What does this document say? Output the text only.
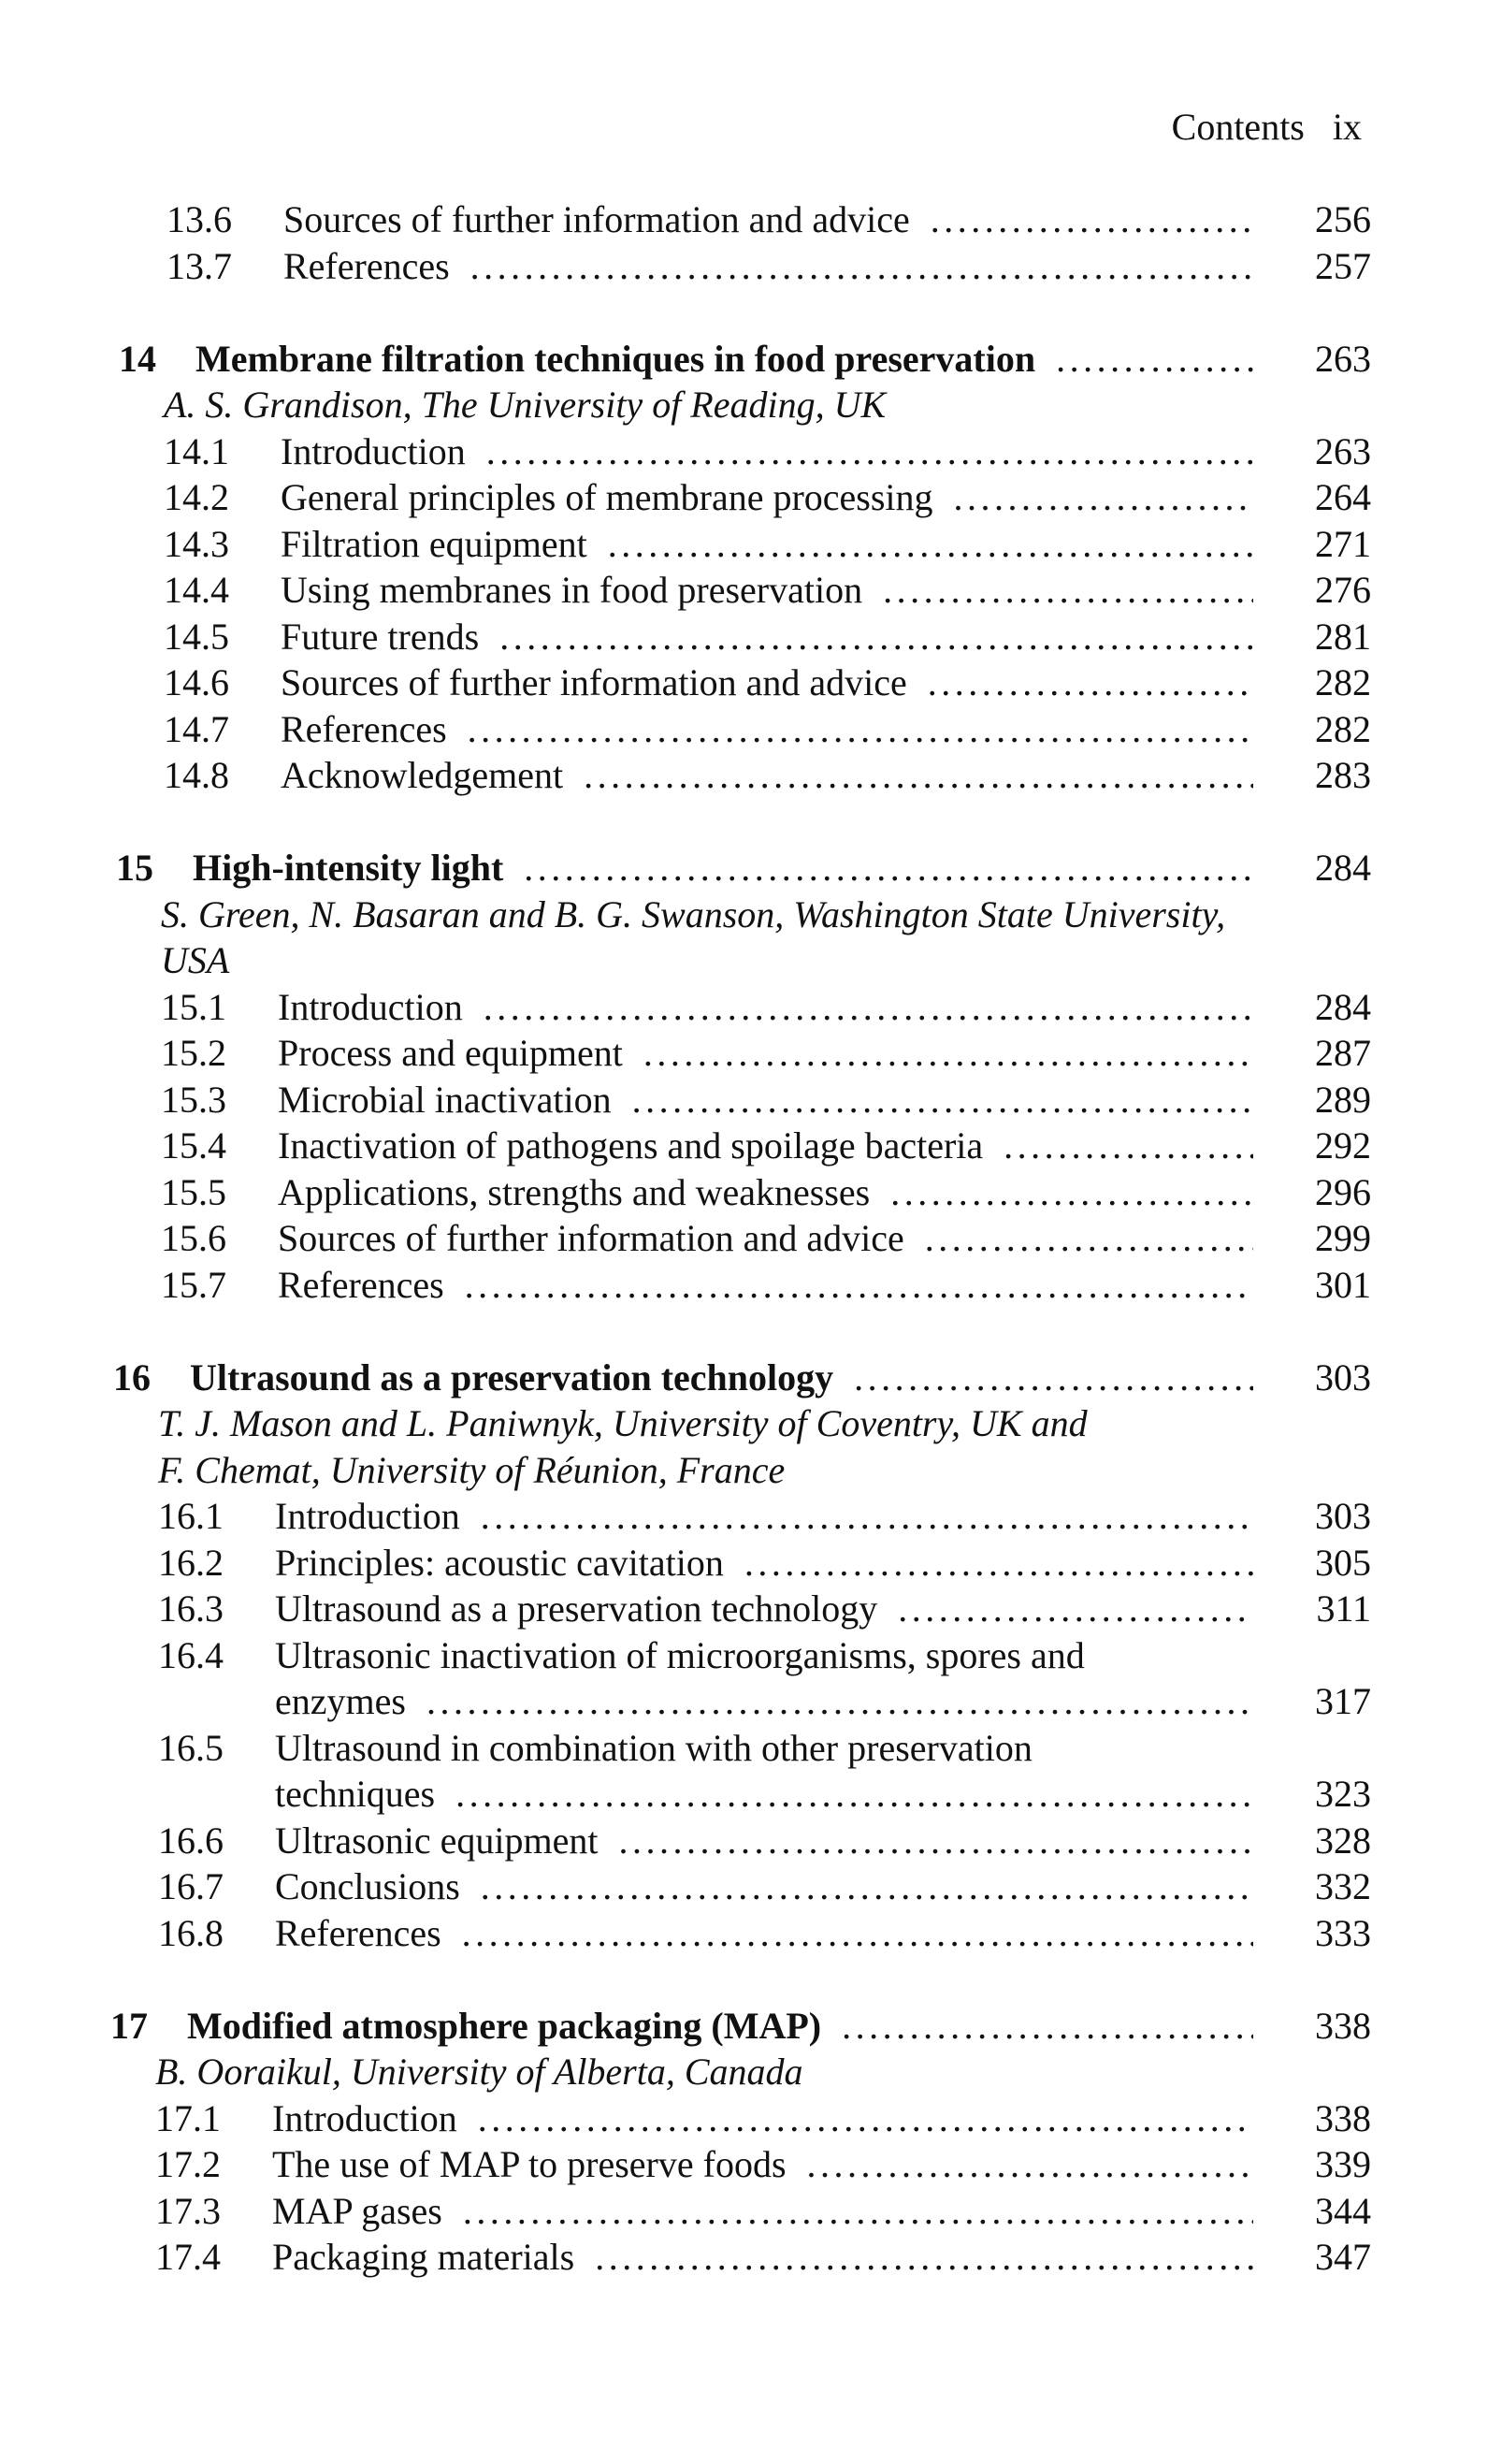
Contents ix
13.6 Sources of further information and advice .....	256
13.7 References .....	257
14 Membrane filtration techniques in food preservation .....	263
A. S. Grandison, The University of Reading, UK
14.1 Introduction .....	263
14.2 General principles of membrane processing .....	264
14.3 Filtration equipment .....	271
14.4 Using membranes in food preservation .....	276
14.5 Future trends .....	281
14.6 Sources of further information and advice .....	282
14.7 References .....	282
14.8 Acknowledgement .....	283
15 High-intensity light .....	284
S. Green, N. Basaran and B. G. Swanson, Washington State University,
USA
15.1 Introduction .....	284
15.2 Process and equipment .....	287
15.3 Microbial inactivation .....	289
15.4 Inactivation of pathogens and spoilage bacteria .....	292
15.5 Applications, strengths and weaknesses .....	296
15.6 Sources of further information and advice .....	299
15.7 References .....	301
16 Ultrasound as a preservation technology .....	303
T. J. Mason and L. Paniwnyk, University of Coventry, UK and
F. Chemat, University of Réunion, France
16.1 Introduction .....	303
16.2 Principles: acoustic cavitation .....	305
16.3 Ultrasound as a preservation technology .....	311
16.4 Ultrasonic inactivation of microorganisms, spores and
enzymes .....	317
16.5 Ultrasound in combination with other preservation
techniques .....	323
16.6 Ultrasonic equipment .....	328
16.7 Conclusions .....	332
16.8 References .....	333
17 Modified atmosphere packaging (MAP) .....	338
B. Ooraikul, University of Alberta, Canada
17.1 Introduction .....	338
17.2 The use of MAP to preserve foods .....	339
17.3 MAP gases .....	344
17.4 Packaging materials .....	347
